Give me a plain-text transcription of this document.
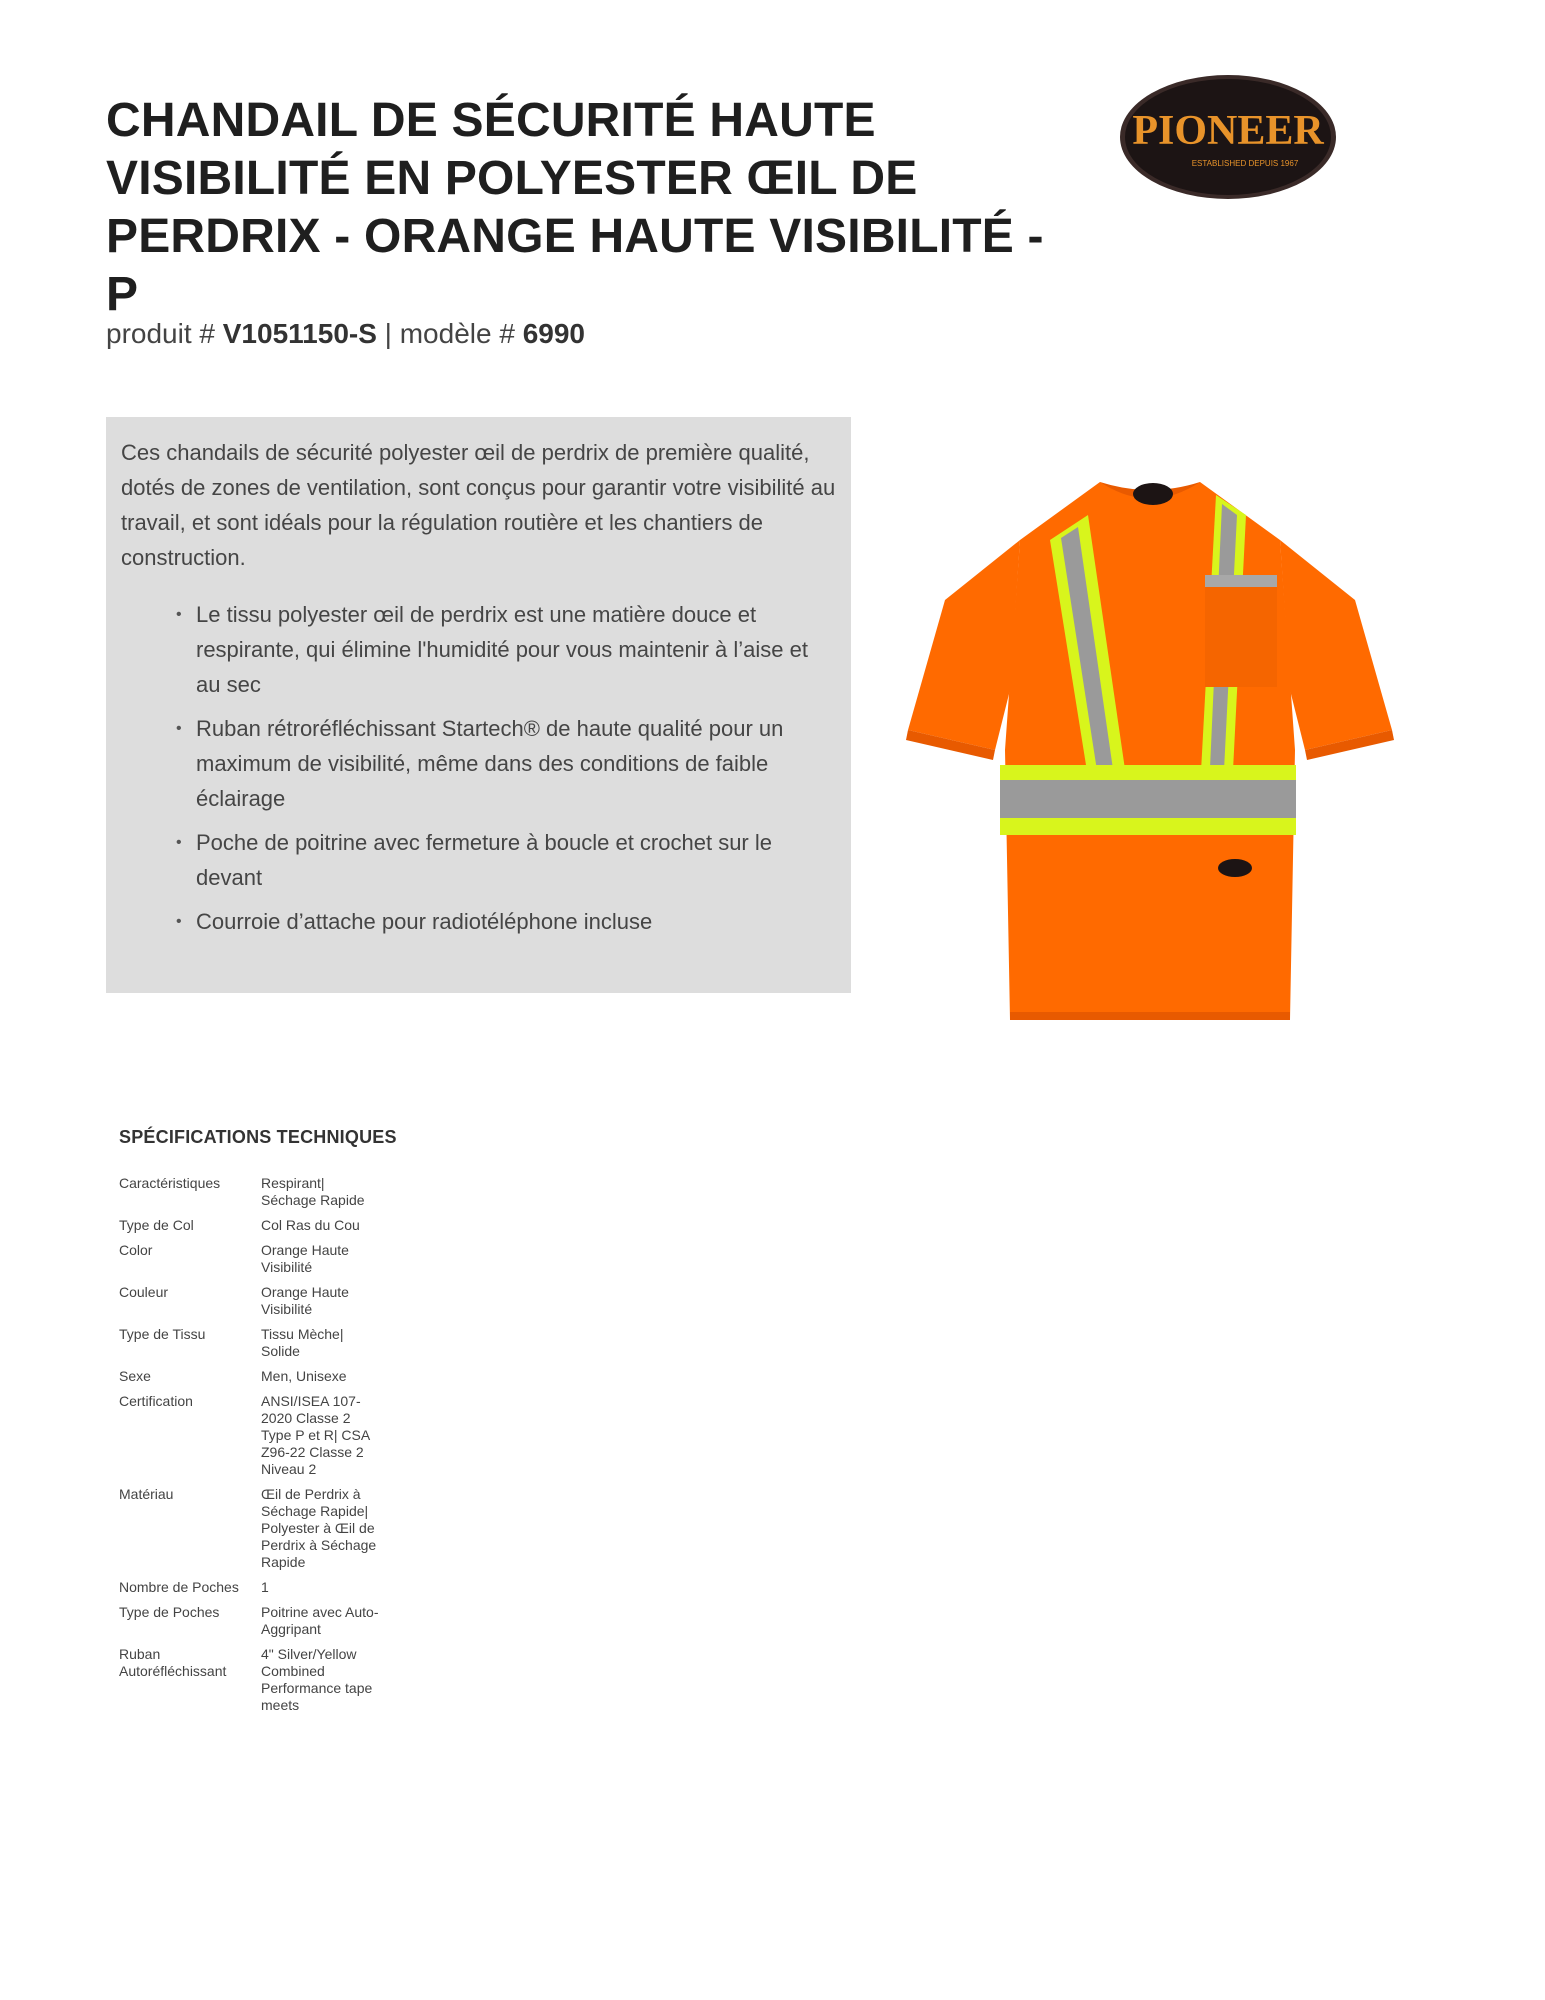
CHANDAIL DE SÉCURITÉ HAUTE VISIBILITÉ EN POLYESTER ŒIL DE PERDRIX - ORANGE HAUTE VISIBILITÉ - P
produit # V1051150-S | modèle # 6990
PIONEER
ESTABLISHED DEPUIS 1967
Ces chandails de sécurité polyester œil de perdrix de première qualité, dotés de zones de ventilation, sont conçus pour garantir votre visibilité au travail, et sont idéals pour la régulation routière et les chantiers de construction.
• Le tissu polyester œil de perdrix est une matière douce et respirante, qui élimine l'humidité pour vous maintenir à l’aise et au sec
• Ruban rétroréfléchissant Startech® de haute qualité pour un maximum de visibilité, même dans des conditions de faible éclairage
• Poche de poitrine avec fermeture à boucle et crochet sur le devant
• Courroie d’attache pour radiotéléphone incluse
SPÉCIFICATIONS TECHNIQUES
Caractéristiques	Respirant| Séchage Rapide
Type de Col	Col Ras du Cou
Color	Orange Haute Visibilité
Couleur	Orange Haute Visibilité
Type de Tissu	Tissu Mèche| Solide
Sexe	Men, Unisexe
Certification	ANSI/ISEA 107-2020 Classe 2 Type P et R| CSA Z96-22 Classe 2 Niveau 2
Matériau	Œil de Perdrix à Séchage Rapide| Polyester à Œil de Perdrix à Séchage Rapide
Nombre de Poches	1
Type de Poches	Poitrine avec Auto-Aggripant
Ruban Autoréfléchissant	4" Silver/Yellow Combined Performance tape meets
